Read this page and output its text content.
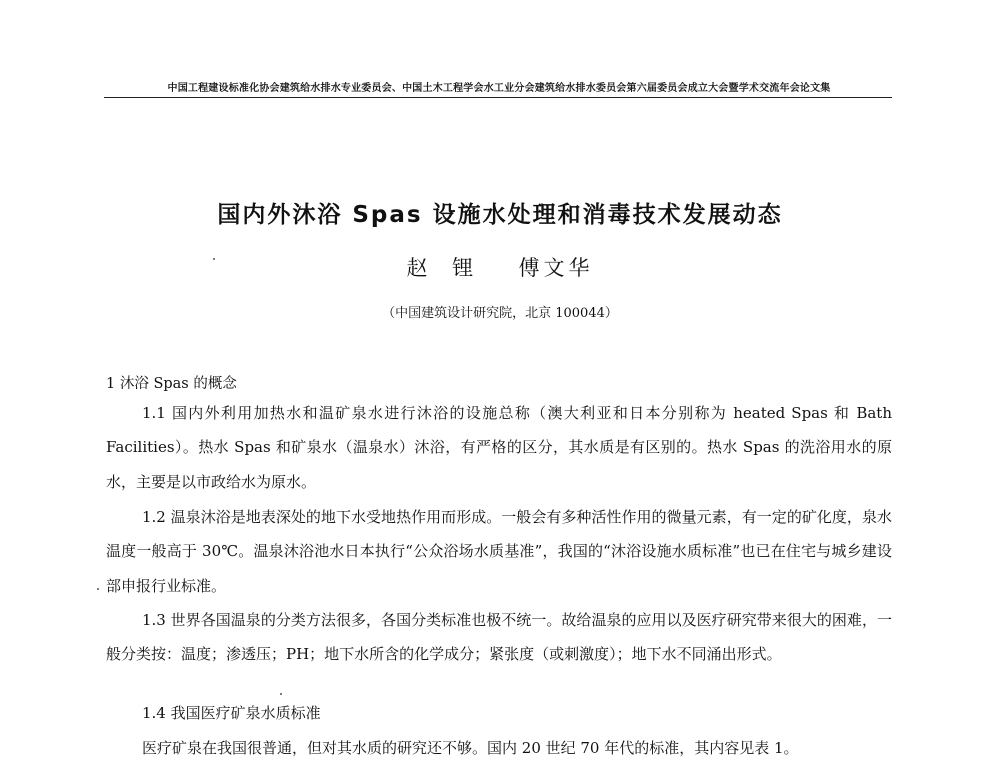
中国工程建设标准化协会建筑给水排水专业委员会、中国土木工程学会水工业分会建筑给水排水委员会第六届委员会成立大会暨学术交流年会论文集
国内外沐浴 Spas 设施水处理和消毒技术发展动态
赵 锂  傅文华
（中国建筑设计研究院，北京 100044）
1 沐浴 Spas 的概念
1.1 国内外利用加热水和温矿泉水进行沐浴的设施总称（澳大利亚和日本分别称为 heated Spas 和 Bath Facilities）。热水 Spas 和矿泉水（温泉水）沐浴，有严格的区分，其水质是有区别的。热水 Spas 的洗浴用水的原水，主要是以市政给水为原水。
1.2 温泉沐浴是地表深处的地下水受地热作用而形成。一般会有多种活性作用的微量元素，有一定的矿化度，泉水温度一般高于 30℃。温泉沐浴池水日本执行“公众浴场水质基准”，我国的“沐浴设施水质标准”也已在住宅与城乡建设部申报行业标准。
1.3 世界各国温泉的分类方法很多，各国分类标准也极不统一。故给温泉的应用以及医疗研究带来很大的困难，一般分类按：温度；渗透压；PH；地下水所含的化学成分；紧张度（或刺激度）；地下水不同涌出形式。
1.4 我国医疗矿泉水质标准
医疗矿泉在我国很普通，但对其水质的研究还不够。国内 20 世纪 70 年代的标准，其内容见表 1。
